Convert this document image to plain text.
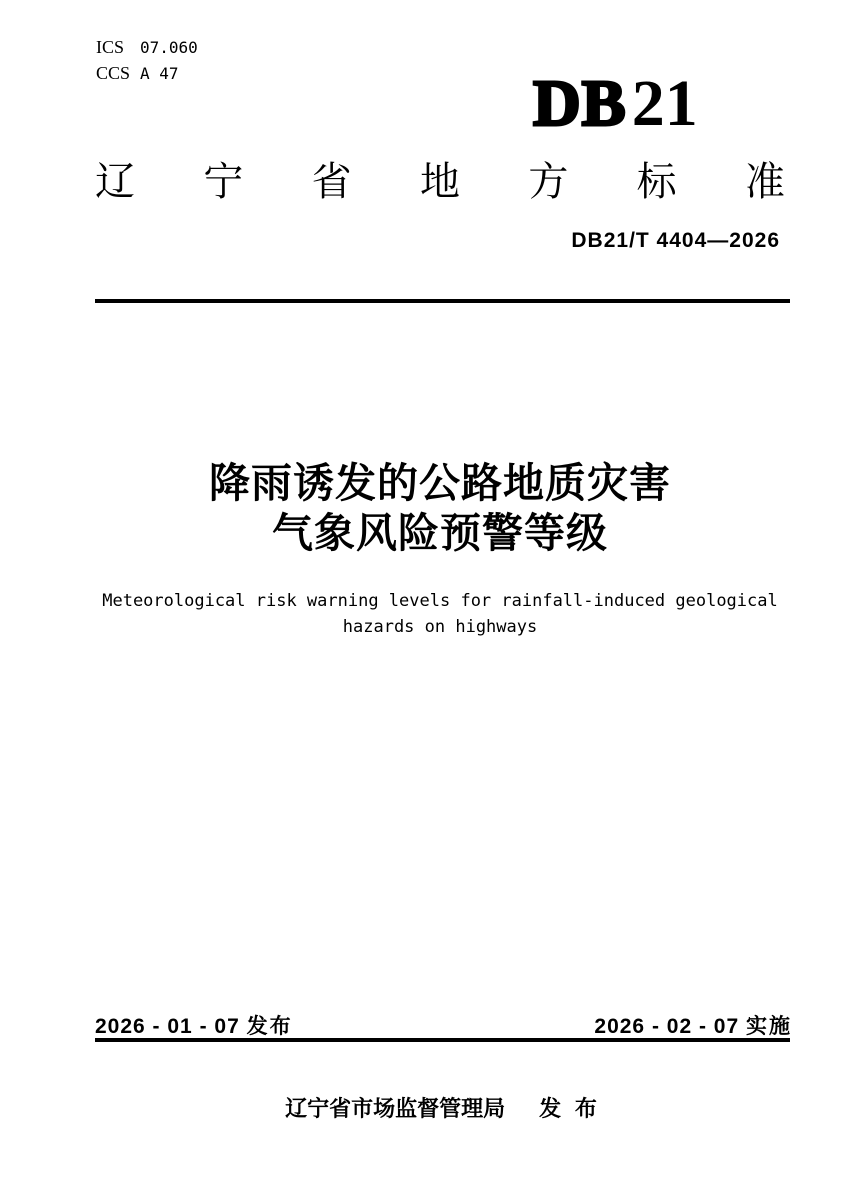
ICS 07.060
CCS A 47	DB21
辽 宁 省 地 方 标 准
DB21/T 4404—2026
降雨诱发的公路地质灾害
气象风险预警等级
Meteorological risk warning levels for rainfall-induced geological hazards on highways
2026 - 01 - 07 发布	2026 - 02 - 07 实施
辽宁省市场监督管理局 发 布
